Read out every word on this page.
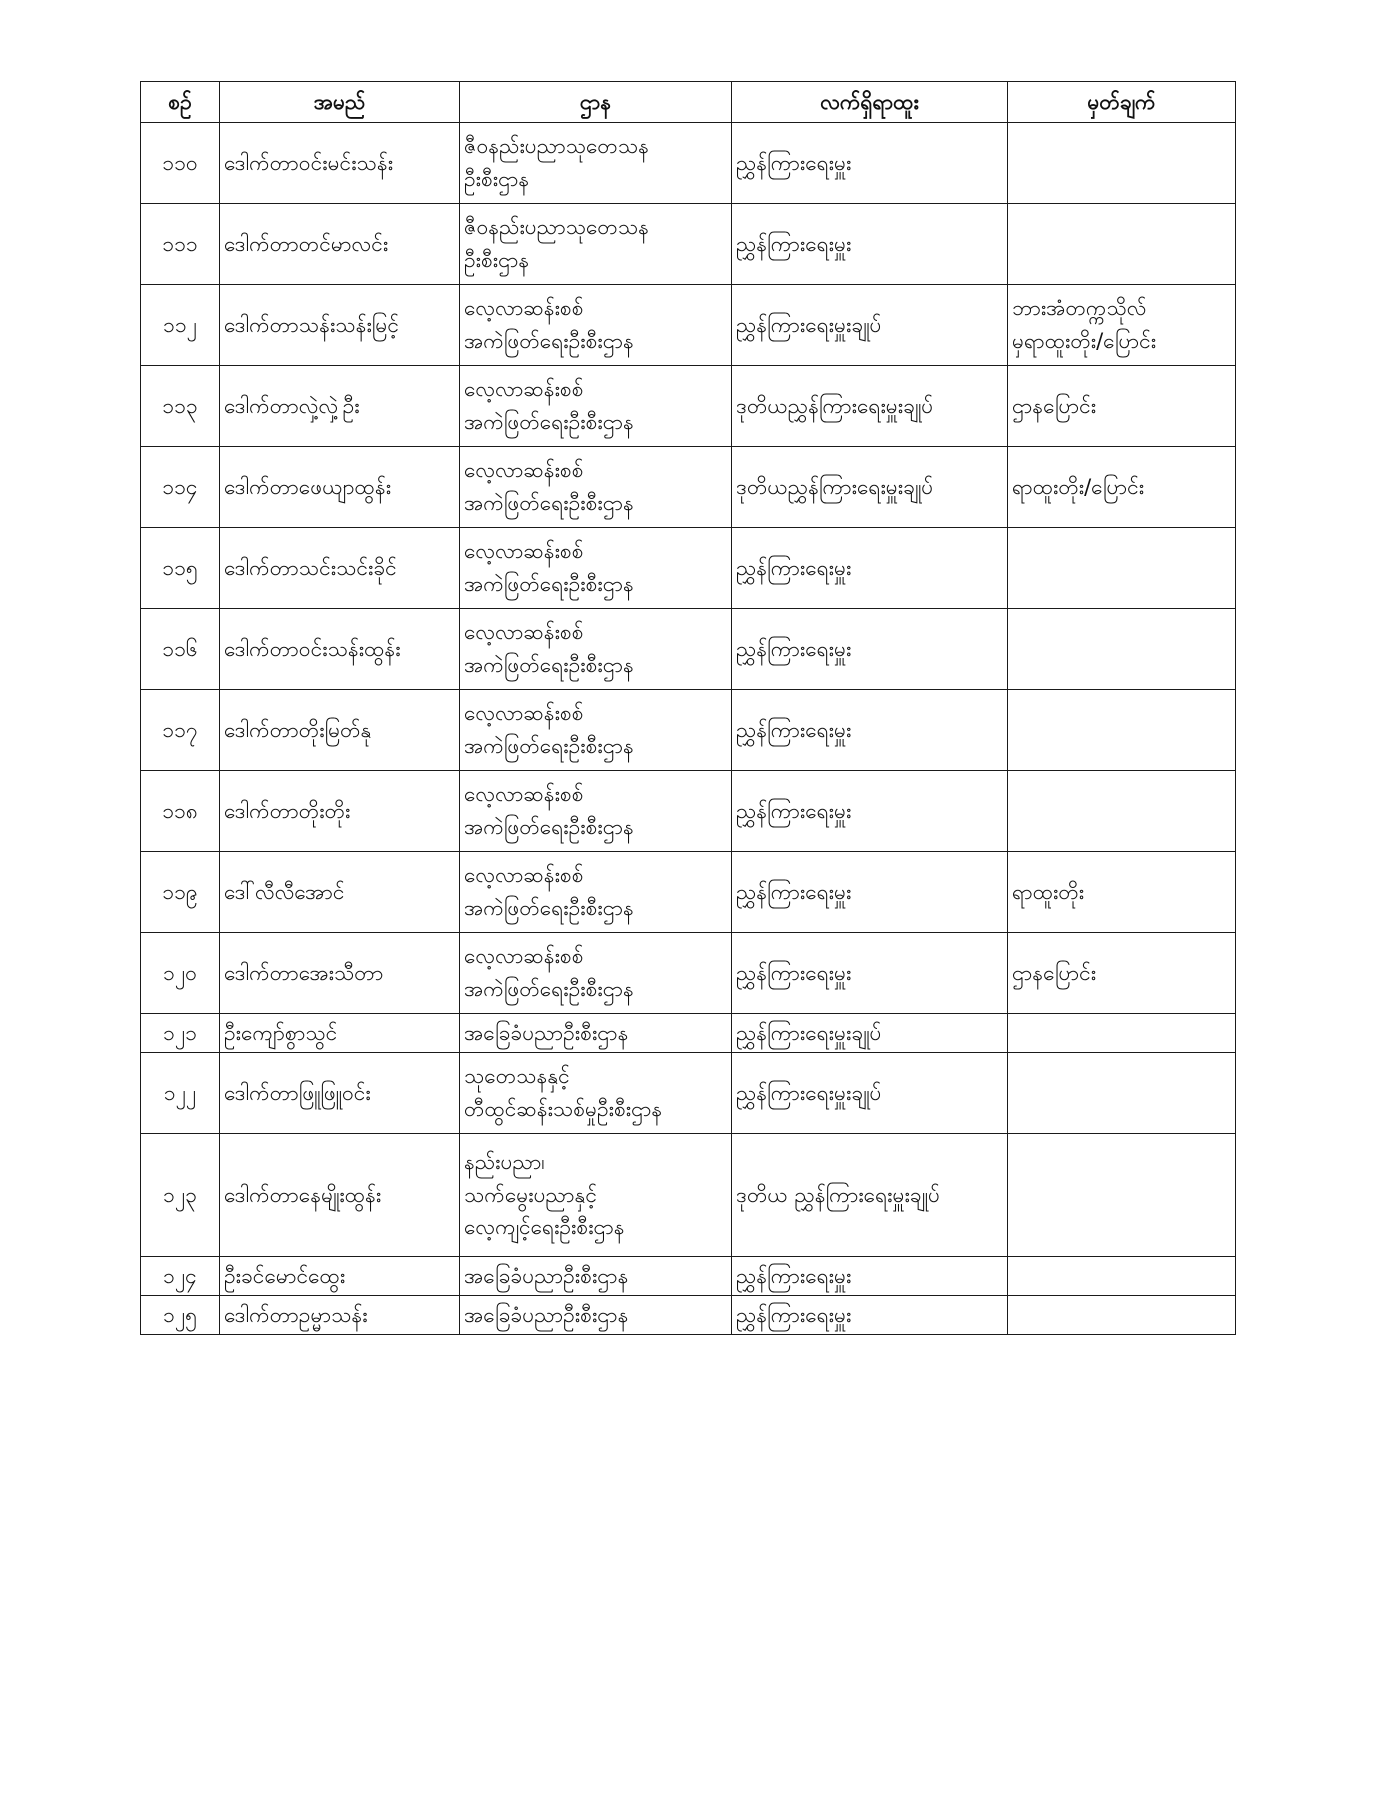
စဉ်	အမည်	ဌာန	လက်ရှိရာထူး	မှတ်ချက်
၁၁၀	ဒေါက်တာဝင်းမင်းသန်း	ဇီဝနည်းပညာသုတေသန
ဦးစီးဌာန	ညွှန်ကြားရေးမှူး	
၁၁၁	ဒေါက်တာတင်မာလင်း	ဇီဝနည်းပညာသုတေသန
ဦးစီးဌာန	ညွှန်ကြားရေးမှူး	
၁၁၂	ဒေါက်တာသန်းသန်းမြင့်	လေ့လာဆန်းစစ်
အကဲဖြတ်ရေးဦးစီးဌာန	ညွှန်ကြားရေးမှူးချုပ်	ဘားအံတက္ကသိုလ်
မှရာထူးတိုး/ပြောင်း

၁၁၃	ဒေါက်တာလှဲ့လှဲ့ဦး	လေ့လာဆန်းစစ်
အကဲဖြတ်ရေးဦးစီးဌာန	ဒုတိယညွှန်ကြားရေးမှူးချုပ်	ဌာနပြောင်း

၁၁၄	ဒေါက်တာဖေယျာထွန်း	လေ့လာဆန်းစစ်
အကဲဖြတ်ရေးဦးစီးဌာန	ဒုတိယညွှန်ကြားရေးမှူးချုပ်	ရာထူးတိုး/ပြောင်း

၁၁၅	ဒေါက်တာသင်းသင်းခိုင်	လေ့လာဆန်းစစ်
အကဲဖြတ်ရေးဦးစီးဌာန	ညွှန်ကြားရေးမှူး	
၁၁၆	ဒေါက်တာဝင်းသန်းထွန်း	လေ့လာဆန်းစစ်
အကဲဖြတ်ရေးဦးစီးဌာန	ညွှန်ကြားရေးမှူး	
၁၁၇	ဒေါက်တာတိုးမြတ်နု	လေ့လာဆန်းစစ်
အကဲဖြတ်ရေးဦးစီးဌာန	ညွှန်ကြားရေးမှူး	
၁၁၈	ဒေါက်တာတိုးတိုး	လေ့လာဆန်းစစ်
အကဲဖြတ်ရေးဦးစီးဌာန	ညွှန်ကြားရေးမှူး	
၁၁၉	ဒေါ်လီလီအောင်	လေ့လာဆန်းစစ်
အကဲဖြတ်ရေးဦးစီးဌာန	ညွှန်ကြားရေးမှူး	ရာထူးတိုး

၁၂၀	ဒေါက်တာအေးသီတာ	လေ့လာဆန်းစစ်
အကဲဖြတ်ရေးဦးစီးဌာန	ညွှန်ကြားရေးမှူး	ဌာနပြောင်း

၁၂၁	ဦးကျော်စွာသွင်	အခြေခံပညာဦးစီးဌာန	ညွှန်ကြားရေးမှူးချုပ်	
၁၂၂	ဒေါက်တာဖြူဖြူဝင်း	သုတေသနနှင့်
တီထွင်ဆန်းသစ်မှုဦးစီးဌာန	ညွှန်ကြားရေးမှူးချုပ်	
၁၂၃	ဒေါက်တာနေမျိုးထွန်း	နည်းပညာ၊
သက်မွေးပညာနှင့်
လေ့ကျင့်ရေးဦးစီးဌာန	ဒုတိယ ညွှန်ကြားရေးမှူးချုပ်	
၁၂၄	ဦးခင်မောင်ထွေး	အခြေခံပညာဦးစီးဌာန	ညွှန်ကြားရေးမှူး	
၁၂၅	ဒေါက်တာဥမ္မာသန်း	အခြေခံပညာဦးစီးဌာန	ညွှန်ကြားရေးမှူး	
